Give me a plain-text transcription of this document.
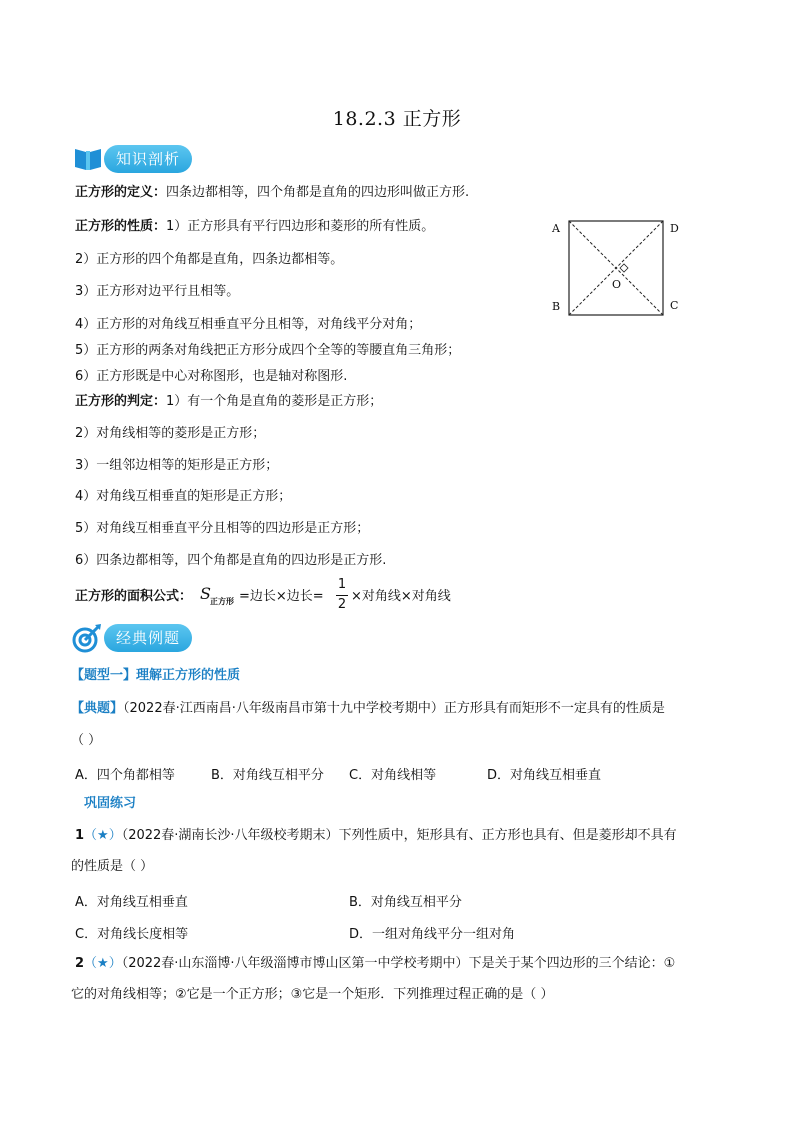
18.2.3 正方形
知识剖析
正方形的定义：四条边都相等，四个角都是直角的四边形叫做正方形.
正方形的性质：1）正方形具有平行四边形和菱形的所有性质。
2）正方形的四个角都是直角，四条边都相等。
3）正方形对边平行且相等。
4）正方形的对角线互相垂直平分且相等，对角线平分对角；
5）正方形的两条对角线把正方形分成四个全等的等腰直角三角形；
6）正方形既是中心对称图形，也是轴对称图形.
A	D
B	C
O
正方形的判定：1）有一个角是直角的菱形是正方形；
2）对角线相等的菱形是正方形；
3）一组邻边相等的矩形是正方形；
4）对角线互相垂直的矩形是正方形；
5）对角线互相垂直平分且相等的四边形是正方形；
6）四条边都相等，四个角都是直角的四边形是正方形.
正方形的面积公式： S 正方形 =边长×边长=
1
2
×对角线×对角线
经典例题
【题型一】理解正方形的性质
【典题】（2022春·江西南昌·八年级南昌市第十九中学校考期中）正方形具有而矩形不一定具有的性质是
（ ）
A．四个角都相等	B．对角线互相平分 C．对角线相等	D．对角线互相垂直
巩固练习
1（★）（2022春·湖南长沙·八年级校考期末）下列性质中，矩形具有、正方形也具有、但是菱形却不具有
的性质是（ ）
A．对角线互相垂直	B．对角线互相平分
C．对角线长度相等	D．一组对角线平分一组对角
2（★）（2022春·山东淄博·八年级淄博市博山区第一中学校考期中）下是关于某个四边形的三个结论：①
它的对角线相等；②它是一个正方形；③它是一个矩形．下列推理过程正确的是（ ）
